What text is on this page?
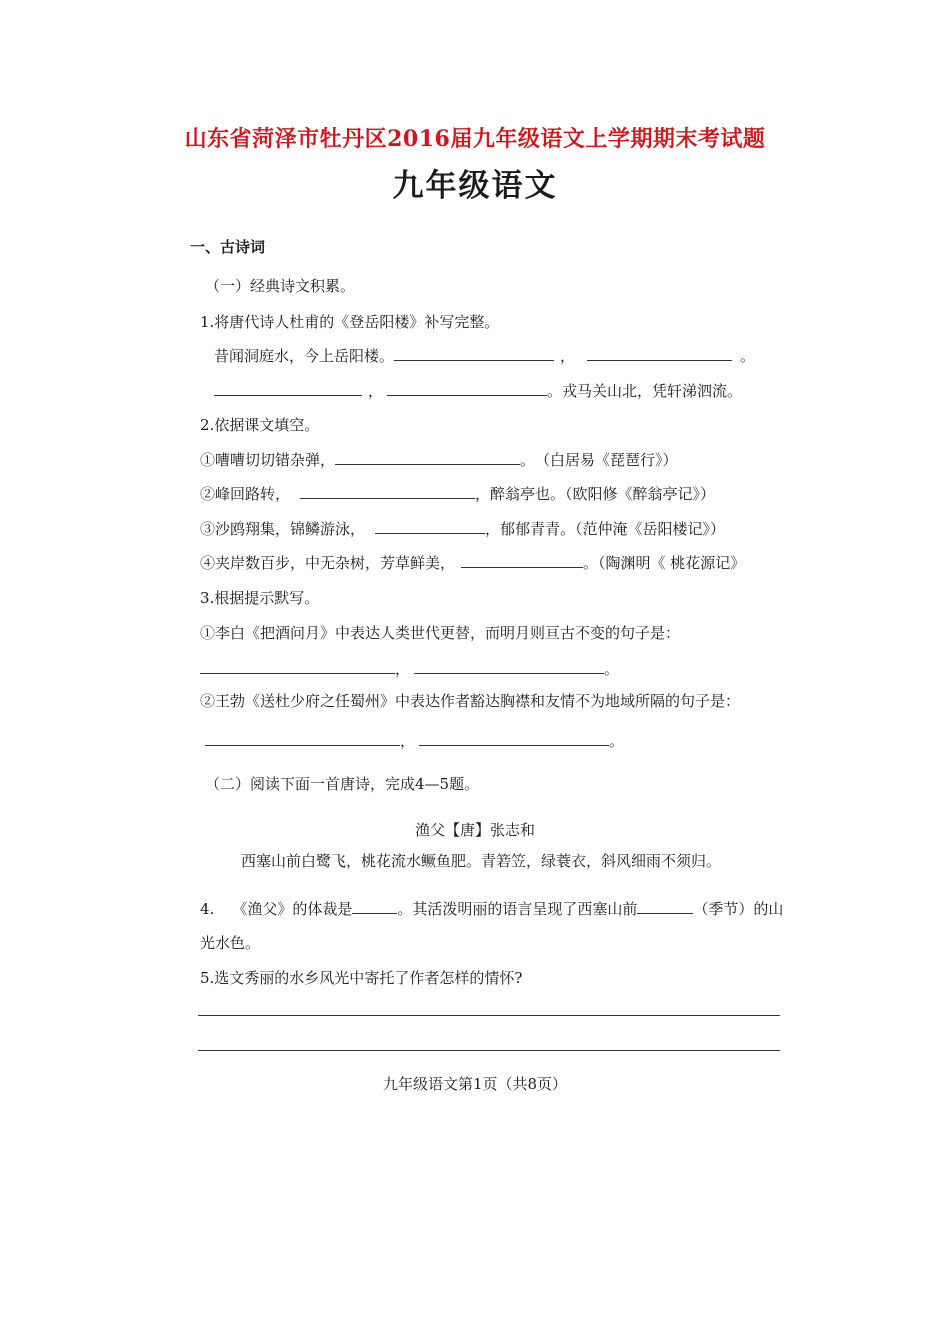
山东省菏泽市牡丹区2016届九年级语文上学期期末考试题
九年级语文
一、古诗词
（一）经典诗文积累。
1.将唐代诗人杜甫的《登岳阳楼》补写完整。
昔闻洞庭水，今上岳阳楼。	，	。
，	。戎马关山北，凭轩涕泗流。
2.依据课文填空。
①嘈嘈切切错杂弹，	。　（白居易《琵琶行》）
②峰回路转，	，醉翁亭也。（欧阳修《醉翁亭记》）
③沙鸥翔集，锦鳞游泳，	，郁郁青青。（范仲淹《岳阳楼记》）
④夹岸数百步，中无杂树，芳草鲜美，	。（陶渊明《 桃花源记》
3.根据提示默写。
①李白《把酒问月》中表达人类世代更替，而明月则亘古不变的句子是：
，	。
②王勃《送杜少府之任蜀州》中表达作者豁达胸襟和友情不为地域所隔的句子是：
，	。
（二）阅读下面一首唐诗，完成4—5题。
渔父【唐】张志和
西塞山前白鹭飞，桃花流水鳜鱼肥。青箬笠，绿蓑衣，斜风细雨不须归。
4. 《渔父》的体裁是	。其活泼明丽的语言呈现了西塞山前	（季节）的山
光水色。
5.选文秀丽的水乡风光中寄托了作者怎样的情怀?
九年级语文第1页（共8页）
